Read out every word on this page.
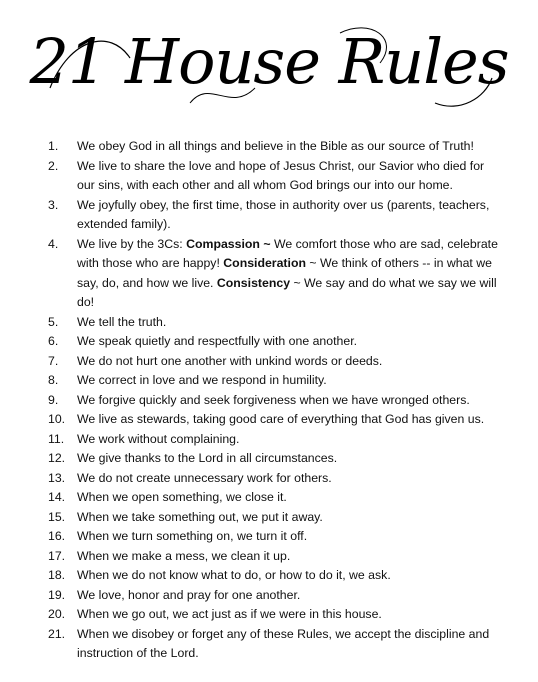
21 House Rules
1. We obey God in all things and believe in the Bible as our source of Truth!
2. We live to share the love and hope of Jesus Christ, our Savior who died for our sins, with each other and all whom God brings our into our home.
3. We joyfully obey, the first time, those in authority over us (parents, teachers, extended family).
4. We live by the 3Cs: Compassion ~ We comfort those who are sad, celebrate with those who are happy! Consideration ~ We think of others -- in what we say, do, and how we live. Consistency ~ We say and do what we say we will do!
5. We tell the truth.
6. We speak quietly and respectfully with one another.
7. We do not hurt one another with unkind words or deeds.
8. We correct in love and we respond in humility.
9. We forgive quickly and seek forgiveness when we have wronged others.
10. We live as stewards, taking good care of everything that God has given us.
11. We work without complaining.
12. We give thanks to the Lord in all circumstances.
13. We do not create unnecessary work for others.
14. When we open something, we close it.
15. When we take something out, we put it away.
16. When we turn something on, we turn it off.
17. When we make a mess, we clean it up.
18. When we do not know what to do, or how to do it, we ask.
19. We love, honor and pray for one another.
20. When we go out, we act just as if we were in this house.
21. When we disobey or forget any of these Rules, we accept the discipline and instruction of the Lord.
